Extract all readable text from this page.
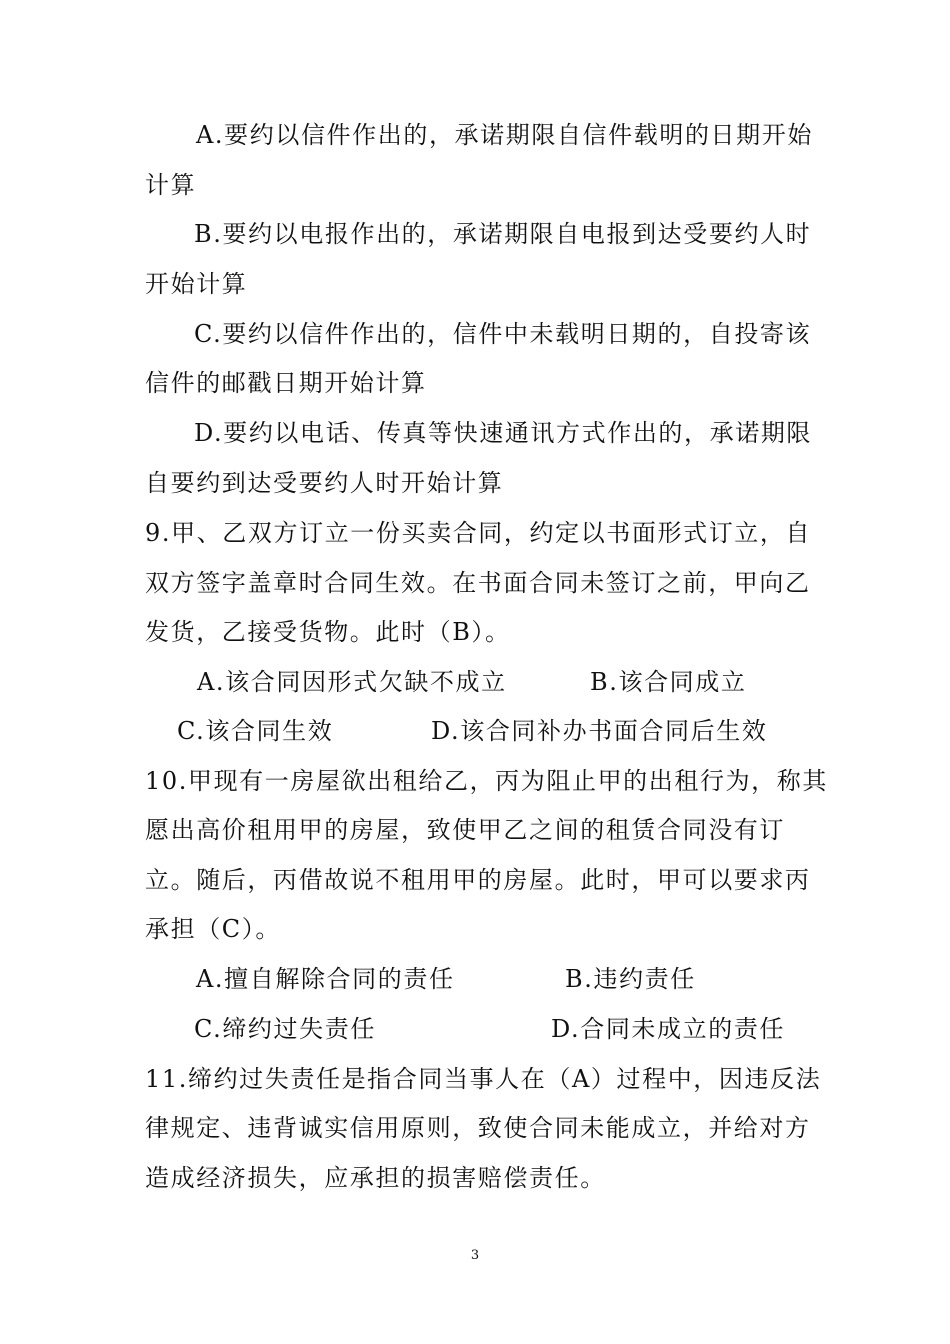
A.要约以信件作出的，承诺期限自信件载明的日期开始
计算
B.要约以电报作出的，承诺期限自电报到达受要约人时
开始计算
C.要约以信件作出的，信件中未载明日期的，自投寄该
信件的邮戳日期开始计算
D.要约以电话、传真等快速通讯方式作出的，承诺期限
自要约到达受要约人时开始计算
9.甲、乙双方订立一份买卖合同，约定以书面形式订立，自
双方签字盖章时合同生效。在书面合同未签订之前，甲向乙
发货，乙接受货物。此时（B）。
A.该合同因形式欠缺不成立	B.该合同成立
C.该合同生效	D.该合同补办书面合同后生效
10.甲现有一房屋欲出租给乙，丙为阻止甲的出租行为，称其
愿出高价租用甲的房屋，致使甲乙之间的租赁合同没有订
立。随后，丙借故说不租用甲的房屋。此时，甲可以要求丙
承担（C）。
A.擅自解除合同的责任	B.违约责任
C.缔约过失责任	D.合同未成立的责任
11.缔约过失责任是指合同当事人在（A）过程中，因违反法
律规定、违背诚实信用原则，致使合同未能成立，并给对方
造成经济损失，应承担的损害赔偿责任。
3
